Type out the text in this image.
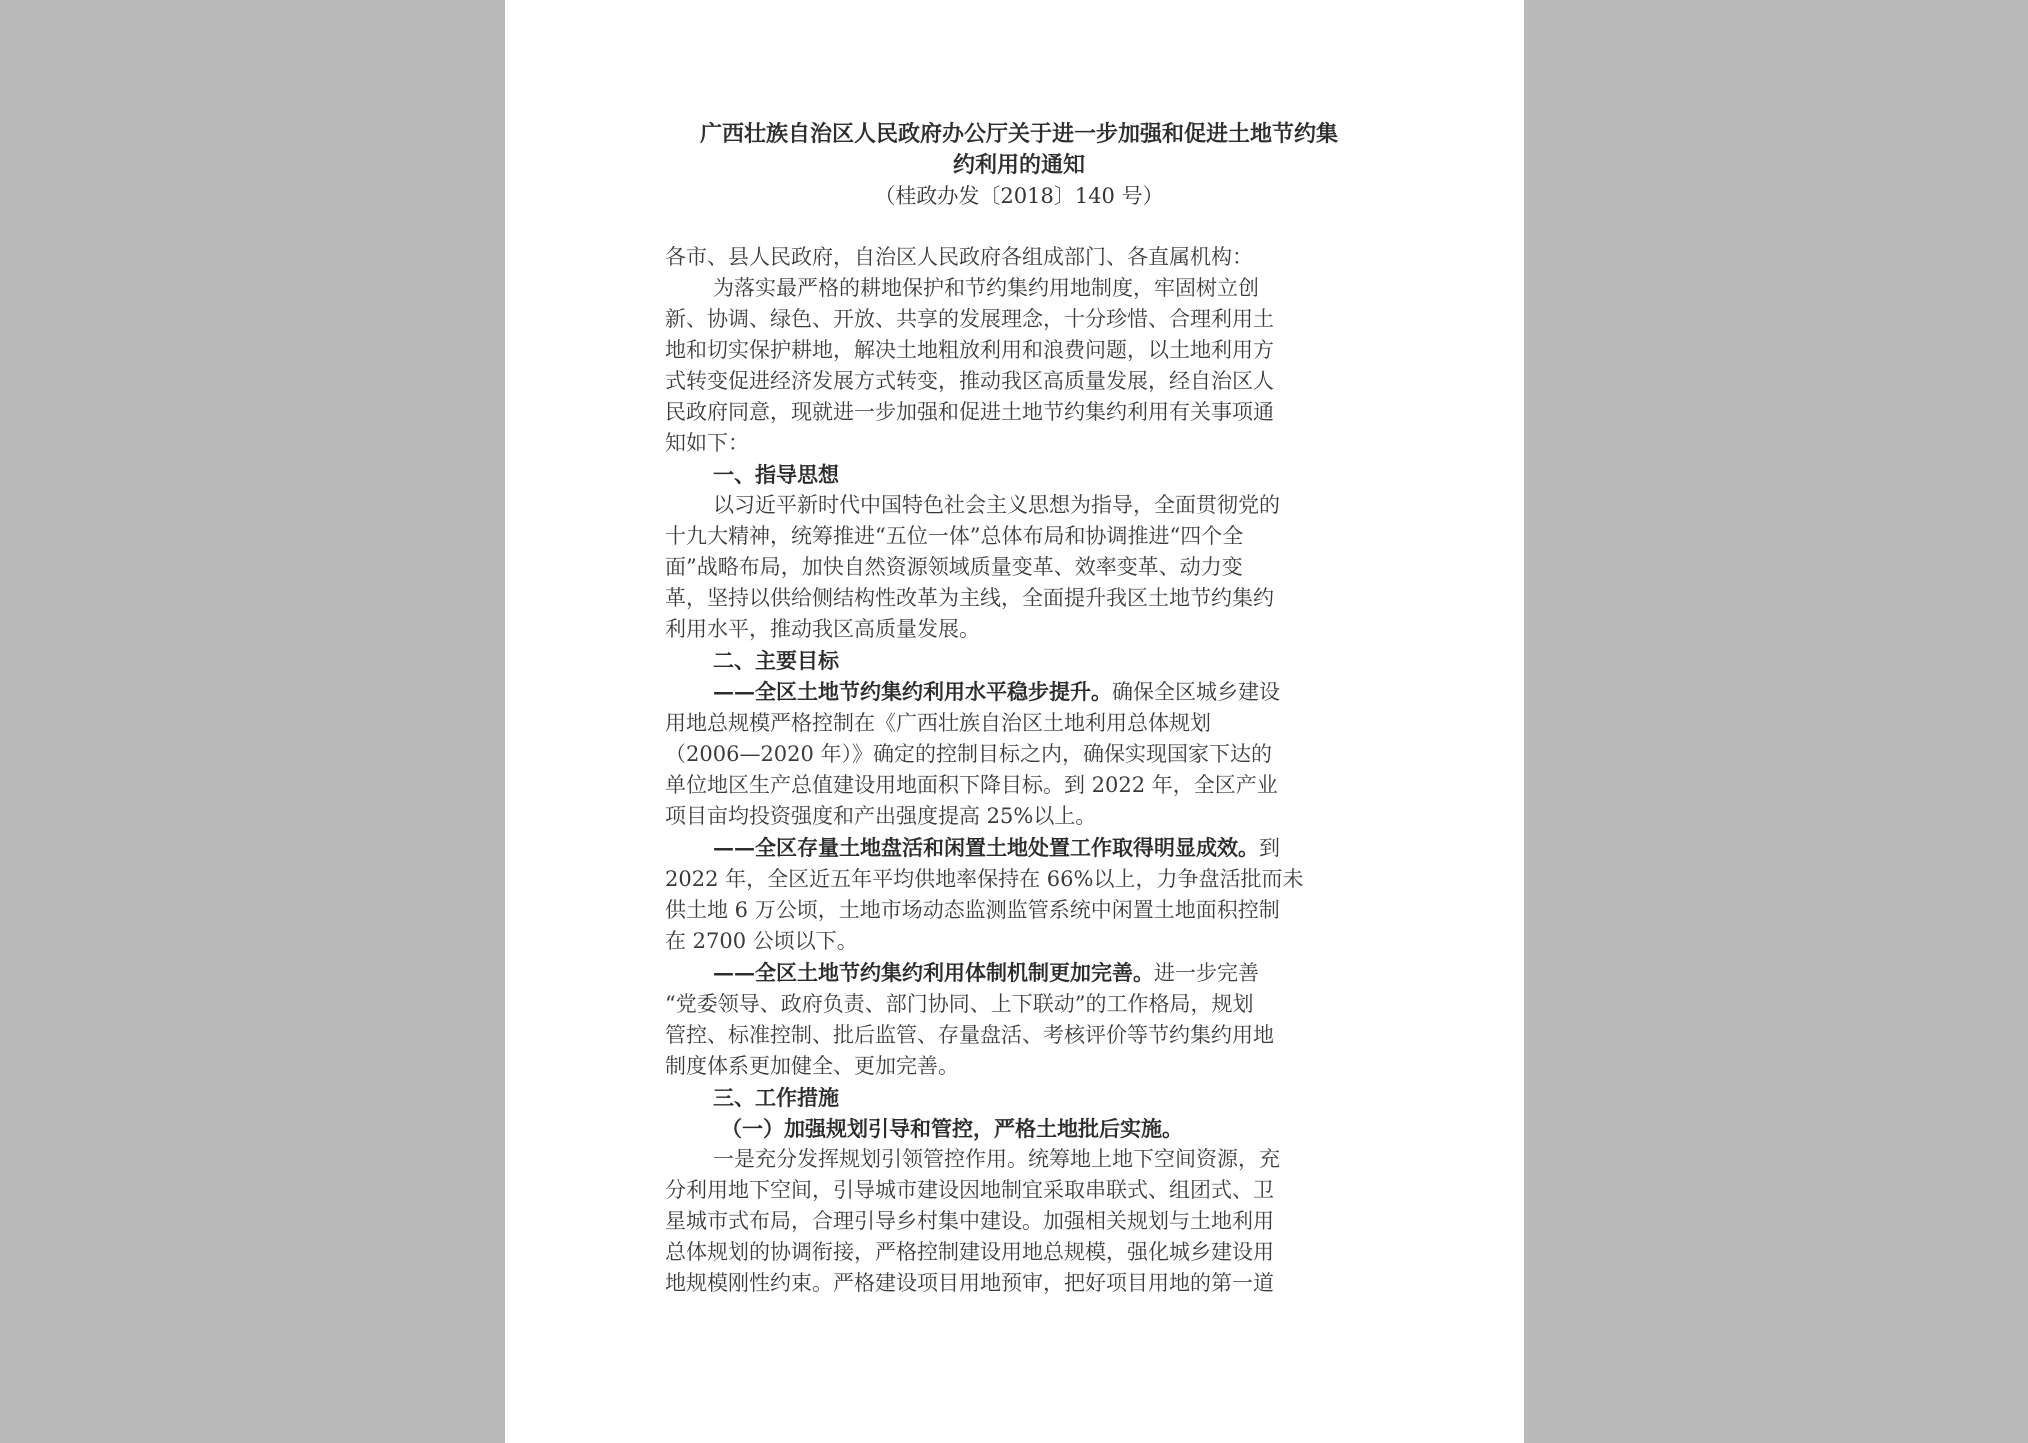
广西壮族自治区人民政府办公厅关于进一步加强和促进土地节约集
约利用的通知

（桂政办发〔2018〕140 号）

各市、县人民政府，自治区人民政府各组成部门、各直属机构：

为落实最严格的耕地保护和节约集约用地制度，牢固树立创

新、协调、绿色、开放、共享的发展理念，十分珍惜、合理利用土

地和切实保护耕地，解决土地粗放利用和浪费问题，以土地利用方

式转变促进经济发展方式转变，推动我区高质量发展，经自治区人

民政府同意，现就进一步加强和促进土地节约集约利用有关事项通

知如下：

一、指导思想

以习近平新时代中国特色社会主义思想为指导，全面贯彻党的

十九大精神，统筹推进“五位一体”总体布局和协调推进“四个全

面”战略布局，加快自然资源领域质量变革、效率变革、动力变

革，坚持以供给侧结构性改革为主线，全面提升我区土地节约集约

利用水平，推动我区高质量发展。

二、主要目标

——全区土地节约集约利用水平稳步提升。确保全区城乡建设

用地总规模严格控制在《广西壮族自治区土地利用总体规划

（2006—2020 年）》确定的控制目标之内，确保实现国家下达的

单位地区生产总值建设用地面积下降目标。到 2022 年，全区产业

项目亩均投资强度和产出强度提高 25%以上。

——全区存量土地盘活和闲置土地处置工作取得明显成效。到

2022 年，全区近五年平均供地率保持在 66%以上，力争盘活批而未

供土地 6 万公顷，土地市场动态监测监管系统中闲置土地面积控制

在 2700 公顷以下。

——全区土地节约集约利用体制机制更加完善。进一步完善

“党委领导、政府负责、部门协同、上下联动”的工作格局，规划

管控、标准控制、批后监管、存量盘活、考核评价等节约集约用地

制度体系更加健全、更加完善。

三、工作措施

（一）加强规划引导和管控，严格土地批后实施。

一是充分发挥规划引领管控作用。统筹地上地下空间资源，充

分利用地下空间，引导城市建设因地制宜采取串联式、组团式、卫

星城市式布局，合理引导乡村集中建设。加强相关规划与土地利用

总体规划的协调衔接，严格控制建设用地总规模，强化城乡建设用

地规模刚性约束。严格建设项目用地预审，把好项目用地的第一道
